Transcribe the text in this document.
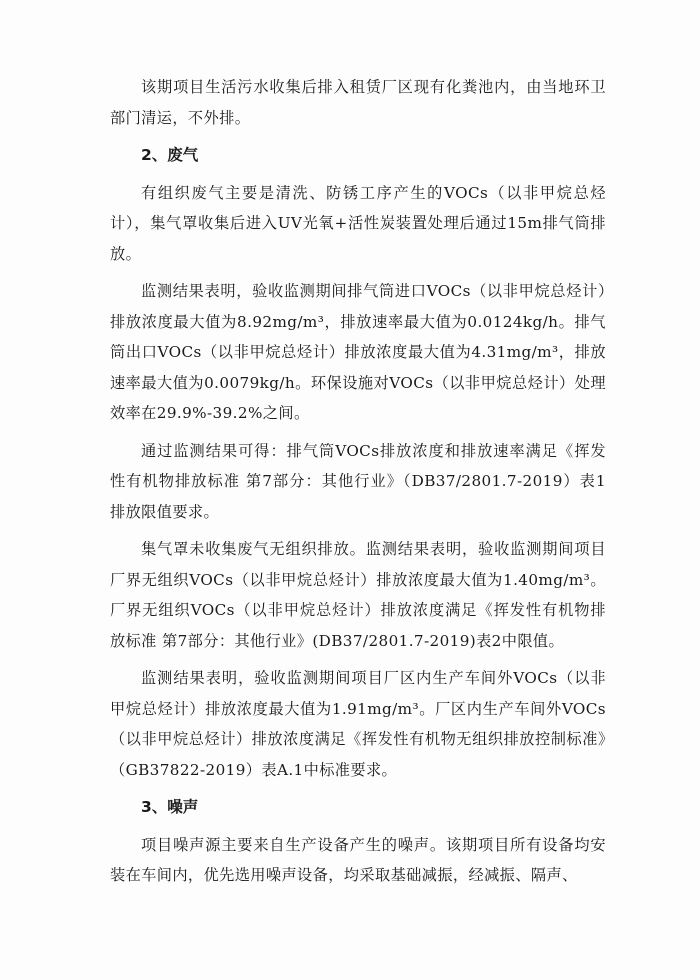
该期项目生活污水收集后排入租赁厂区现有化粪池内，由当地环卫部门清运，不外排。

2、废气

有组织废气主要是清洗、防锈工序产生的VOCs（以非甲烷总烃计），集气罩收集后进入UV光氧+活性炭装置处理后通过15m排气筒排放。

监测结果表明，验收监测期间排气筒进口VOCs（以非甲烷总烃计）排放浓度最大值为8.92mg/m³，排放速率最大值为0.0124kg/h。排气筒出口VOCs（以非甲烷总烃计）排放浓度最大值为4.31mg/m³，排放速率最大值为0.0079kg/h。环保设施对VOCs（以非甲烷总烃计）处理效率在29.9%-39.2%之间。

通过监测结果可得：排气筒VOCs排放浓度和排放速率满足《挥发性有机物排放标准 第7部分：其他行业》（DB37/2801.7-2019）表1排放限值要求。

集气罩未收集废气无组织排放。监测结果表明，验收监测期间项目厂界无组织VOCs（以非甲烷总烃计）排放浓度最大值为1.40mg/m³。厂界无组织VOCs（以非甲烷总烃计）排放浓度满足《挥发性有机物排放标准 第7部分：其他行业》(DB37/2801.7-2019)表2中限值。

监测结果表明，验收监测期间项目厂区内生产车间外VOCs（以非甲烷总烃计）排放浓度最大值为1.91mg/m³。厂区内生产车间外VOCs（以非甲烷总烃计）排放浓度满足《挥发性有机物无组织排放控制标准》（GB37822-2019）表A.1中标准要求。

3、噪声

项目噪声源主要来自生产设备产生的噪声。该期项目所有设备均安装在车间内，优先选用噪声设备，均采取基础减振，经减振、隔声、
